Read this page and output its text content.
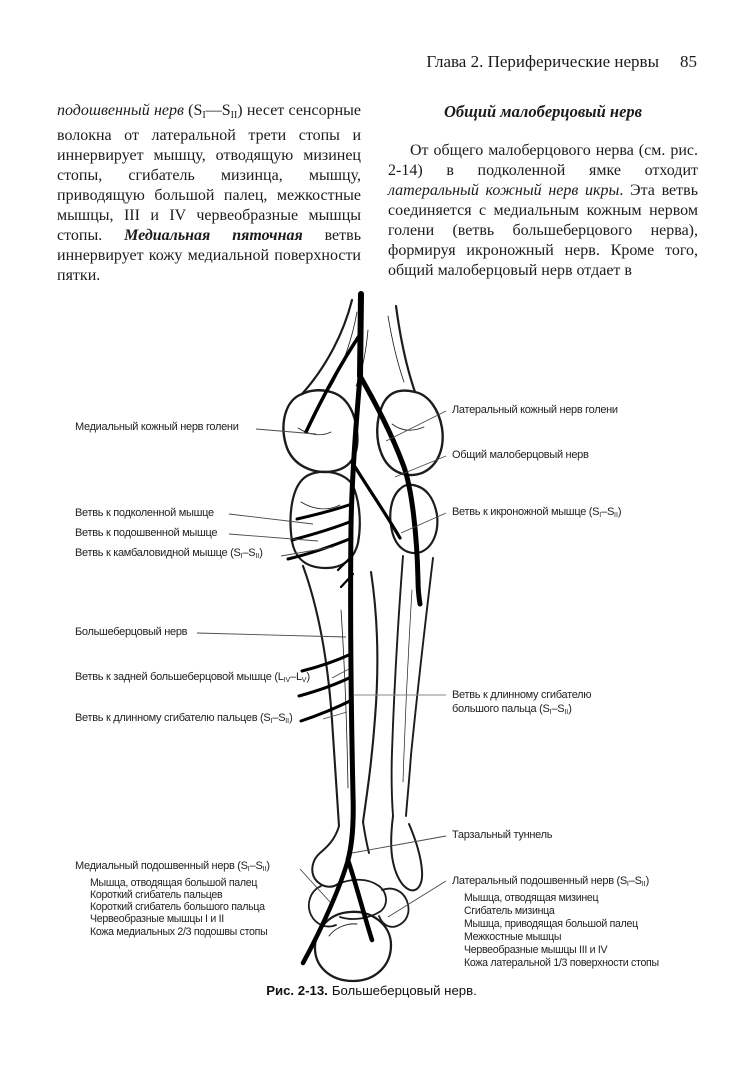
Глава 2. Периферические нервы 85

подошвенный нерв $(S_I—S_{II})$ несет сенсорные волокна от латеральной трети стопы и иннервирует мышцу, отводящую мизинец стопы, сгибатель мизинца, мышцу, приводящую большой палец, межкостные мышцы, III и IV червеобразные мышцы стопы. Медиальная пяточная ветвь иннервирует кожу медиальной поверхности пятки.

Общий малоберцовый нерв

От общего малоберцового нерва (см. рис. 2-14) в подколенной ямке отходит латеральный кожный нерв икры. Эта ветвь соединяется с медиальным кожным нервом голени (ветвь большеберцового нерва), формируя икроножный нерв. Кроме того, общий малоберцовый нерв отдает в

Медиальный кожный нерв голени
Ветвь к подколенной мышце
Ветвь к подошвенной мышце
Ветвь к камбаловидной мышце $(S_I-S_{II})$
Большеберцовый нерв
Ветвь к задней большеберцовой мышце $(L_{IV}-L_V)$
Ветвь к длинному сгибателю пальцев $(S_I-S_{II})$
Медиальный подошвенный нерв $(S_I-S_{II})$
Мышца, отводящая большой палец
Короткий сгибатель пальцев
Короткий сгибатель большого пальца
Червеобразные мышцы I и II
Кожа медиальных 2/3 подошвы стопы
Латеральный кожный нерв голени
Общий малоберцовый нерв
Ветвь к икроножной мышце $(S_I-S_{II})$
Ветвь к длинному сгибателю
большого пальца $(S_I-S_{II})$
Тарзальный туннель
Латеральный подошвенный нерв $(S_I-S_{II})$
Мышца, отводящая мизинец
Сгибатель мизинца
Мышца, приводящая большой палец
Межкостные мышцы
Червеобразные мышцы III и IV
Кожа латеральной 1/3 поверхности стопы
Рис. 2-13. Большеберцовый нерв.
